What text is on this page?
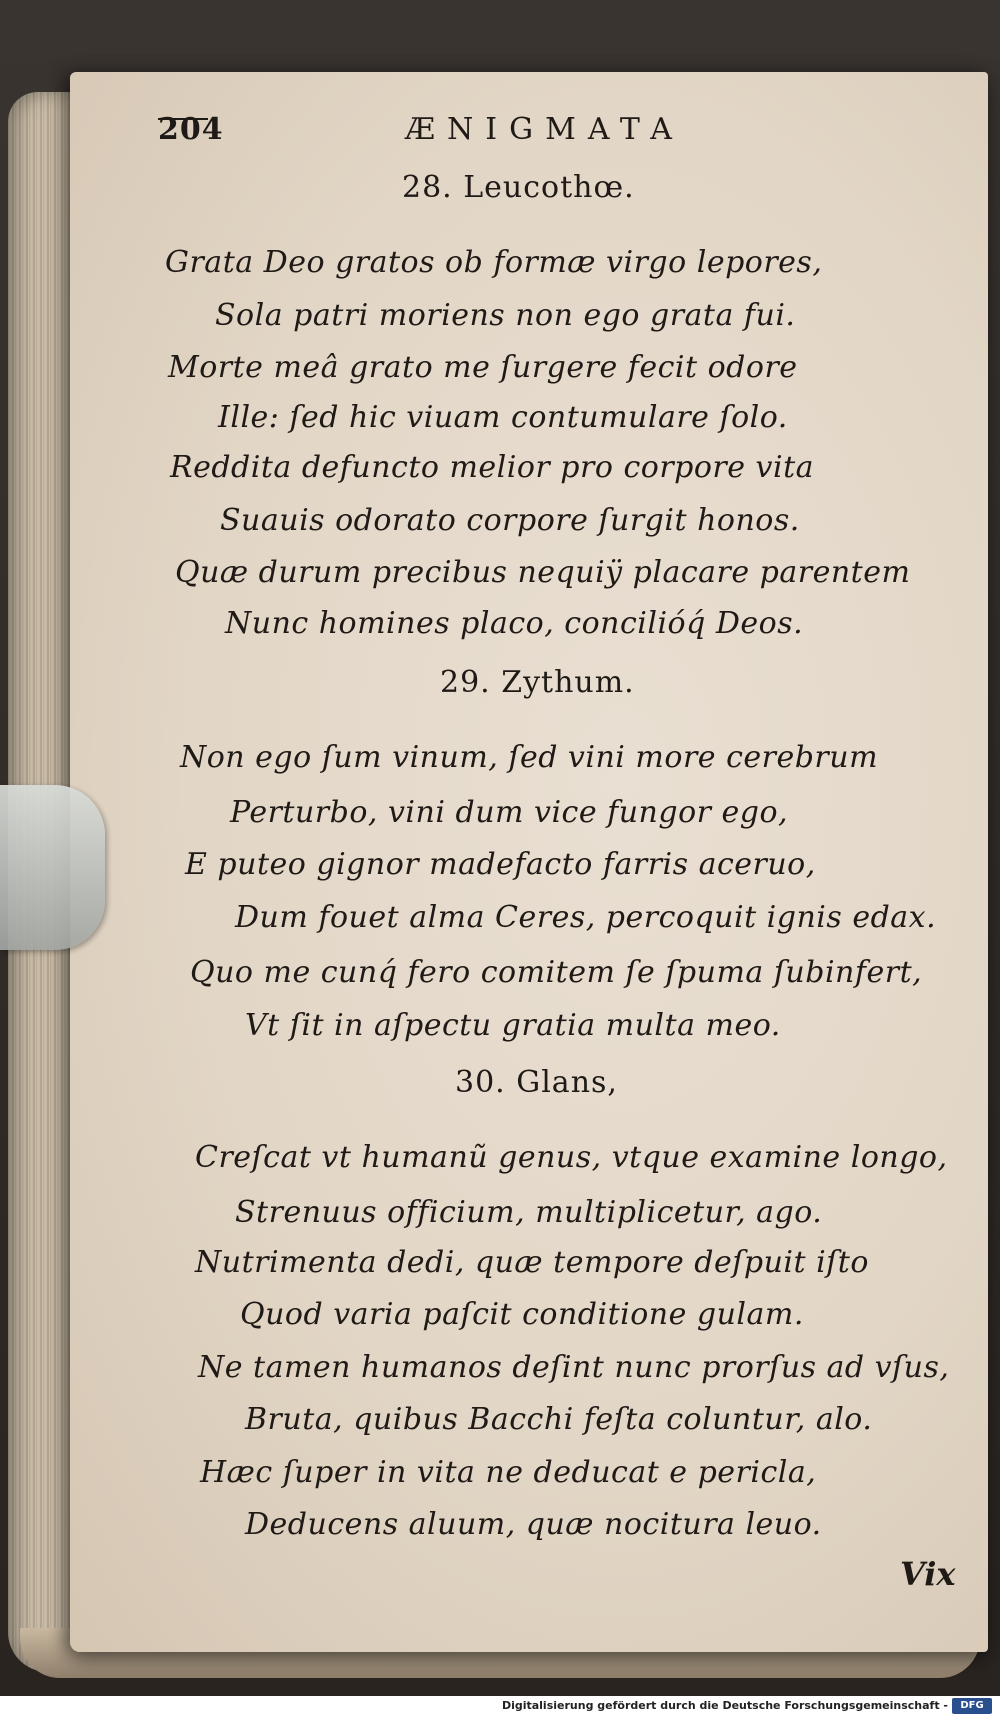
204	ÆNIGMATA
28. Leucothœ.
Grata Deo gratos ob formæ virgo lepores,
Sola patri moriens non ego grata fui.
Morte meâ grato me ſurgere fecit odore
Ille: ſed hic viuam contumulare ſolo.
Reddita defuncto melior pro corpore vita
Suauis odorato corpore ſurgit honos.
Quæ durum precibus nequiÿ placare parentem
Nunc homines placo, concilióq́ Deos.
29. Zythum.
Non ego ſum vinum, ſed vini more cerebrum
Perturbo, vini dum vice fungor ego,
E puteo gignor madefacto farris aceruo,
Dum fouet alma Ceres, percoquit ignis edax.
Quo me cunq́ fero comitem ſe ſpuma ſubinfert,
Vt ſit in aſpectu gratia multa meo.
30. Glans,
Creſcat vt humanũ genus, vtque examine longo,
Strenuus officium, multiplicetur, ago.
Nutrimenta dedi, quæ tempore deſpuit iſto
Quod varia paſcit conditione gulam.
Ne tamen humanos deſint nunc prorſus ad vſus,
Bruta, quibus Bacchi feſta coluntur, alo.
Hæc ſuper in vita ne deducat e pericla,
Deducens aluum, quæ nocitura leuo.
Vix
Digitalisierung gefördert durch die Deutsche Forschungsgemeinschaft -	DFG
